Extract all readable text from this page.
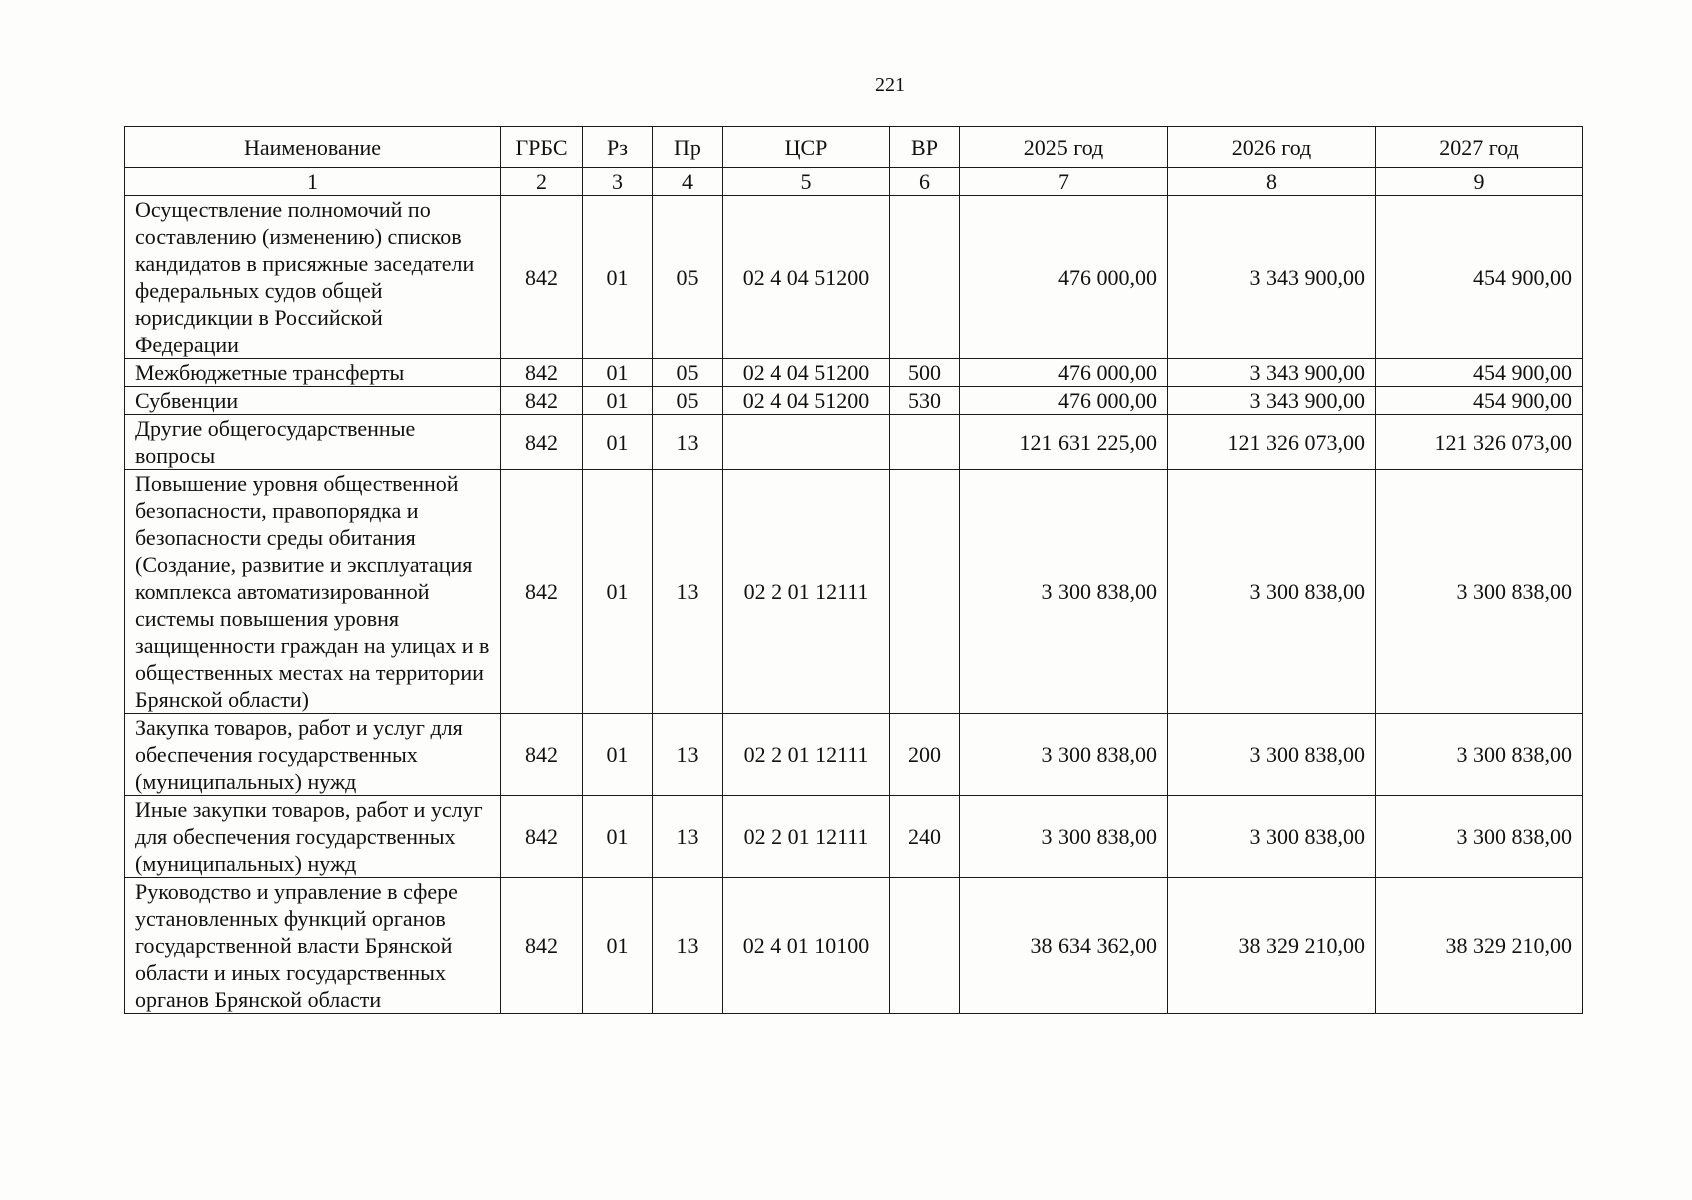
221
Наименование	ГРБС	Рз	Пр	ЦСР	ВР	2025 год	2026 год	2027 год
1	2	3	4	5	6	7	8	9
Осуществление полномочий по составлению (изменению) списков кандидатов в присяжные заседатели федеральных судов общей юрисдикции в Российской Федерации	842	01	05	02 4 04 51200		476 000,00	3 343 900,00	454 900,00
Межбюджетные трансферты	842	01	05	02 4 04 51200	500	476 000,00	3 343 900,00	454 900,00
Субвенции	842	01	05	02 4 04 51200	530	476 000,00	3 343 900,00	454 900,00
Другие общегосударственные вопросы	842	01	13			121 631 225,00	121 326 073,00	121 326 073,00
Повышение уровня общественной безопасности, правопорядка и безопасности среды обитания (Создание, развитие и эксплуатация комплекса автоматизированной системы повышения уровня защищенности граждан на улицах и в общественных местах на территории Брянской области)	842	01	13	02 2 01 12111		3 300 838,00	3 300 838,00	3 300 838,00
Закупка товаров, работ и услуг для обеспечения государственных (муниципальных) нужд	842	01	13	02 2 01 12111	200	3 300 838,00	3 300 838,00	3 300 838,00
Иные закупки товаров, работ и услуг для обеспечения государственных (муниципальных) нужд	842	01	13	02 2 01 12111	240	3 300 838,00	3 300 838,00	3 300 838,00
Руководство и управление в сфере установленных функций органов государственной власти Брянской области и иных государственных органов Брянской области	842	01	13	02 4 01 10100		38 634 362,00	38 329 210,00	38 329 210,00
